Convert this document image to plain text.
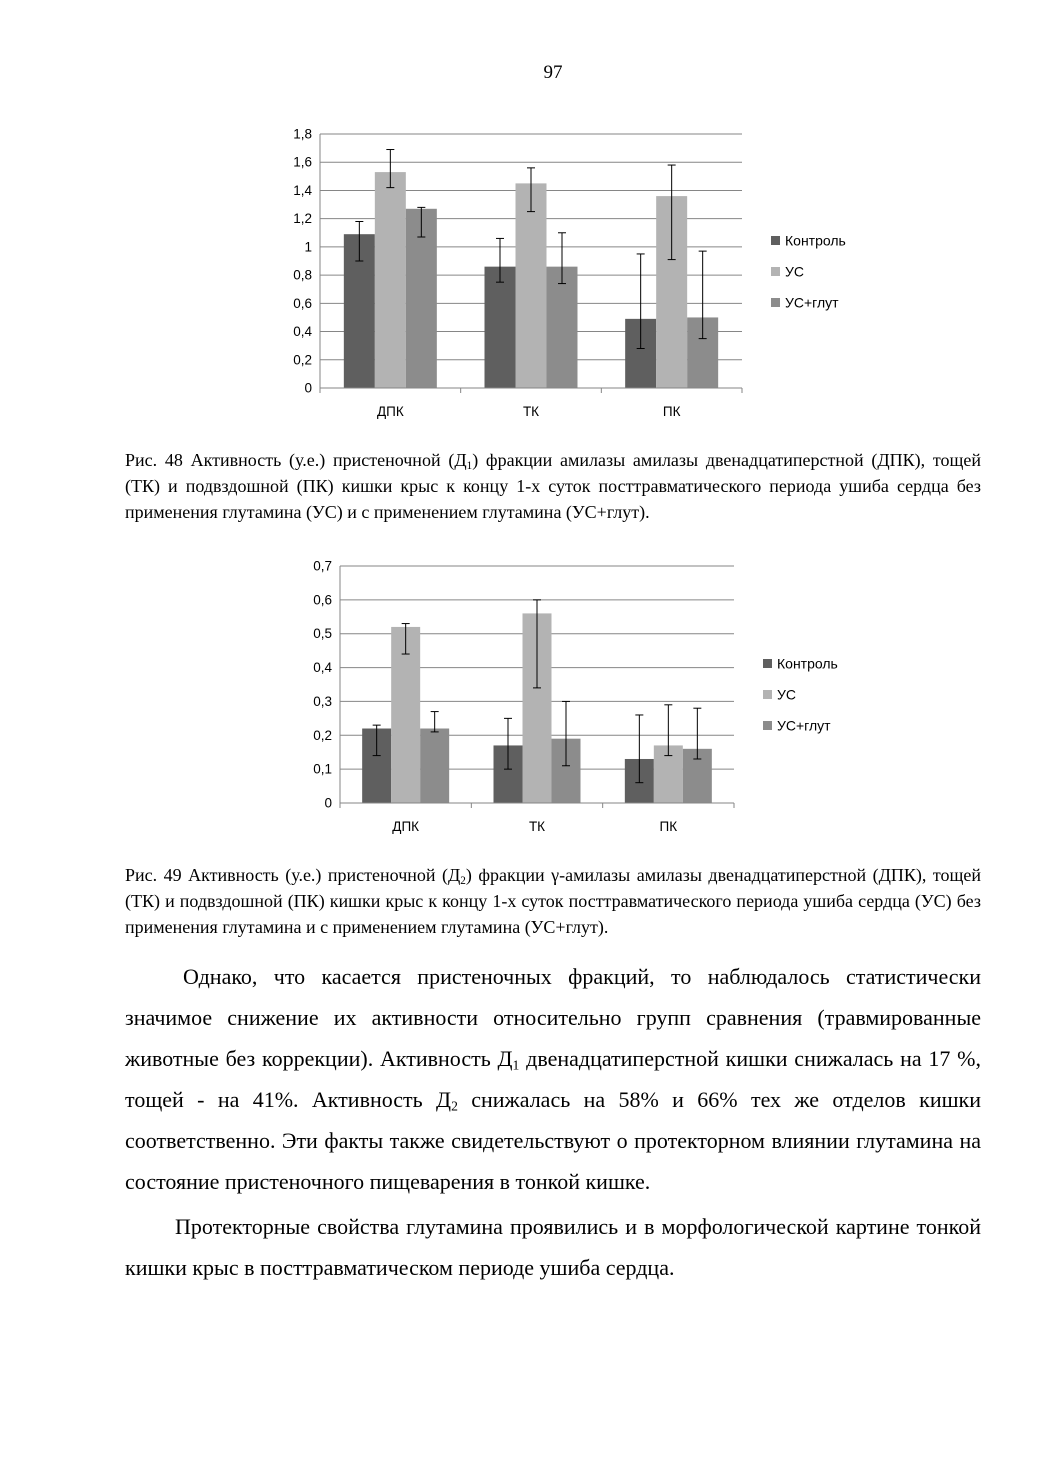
97
0
0,2
0,4
0,6
0,8
1
1,2
1,4
1,6
1,8
ДПК	ТК	ПК
Контроль
УС
УС+глут

Рис. 48 Активность (у.е.) пристеночной $(Д_1)$ фракции амилазы амилазы двенадцатиперстной (ДПК), тощей (ТК) и подвздошной (ПК) кишки крыс к концу 1-х суток посттравматического периода ушиба сердца без применения глутамина (УС) и с применением глутамина (УС+глут).

0
0,1
0,2
0,3
0,4
0,5
0,6
0,7
ДПК	ТК	ПК
Контроль
УС
УС+глут

Рис. 49 Активность (у.е.) пристеночной $(Д_2)$ фракции γ-амилазы амилазы двенадцатиперстной (ДПК), тощей (ТК) и подвздошной (ПК) кишки крыс к концу 1-х суток посттравматического периода ушиба сердца (УС) без применения глутамина и с применением глутамина (УС+глут).

Однако, что касается пристеночных фракций, то наблюдалось статистически значимое снижение их активности относительно групп сравнения (травмированные животные без коррекции). Активность $Д_1$ двенадцатиперстной кишки снижалась на 17 %, тощей - на 41%. Активность $Д_2$ снижалась на 58% и 66% тех же отделов кишки соответственно. Эти факты также свидетельствуют о протекторном влиянии глутамина на состояние пристеночного пищеварения в тонкой кишке.

Протекторные свойства глутамина проявились и в морфологической картине тонкой кишки крыс в посттравматическом периоде ушиба сердца.
